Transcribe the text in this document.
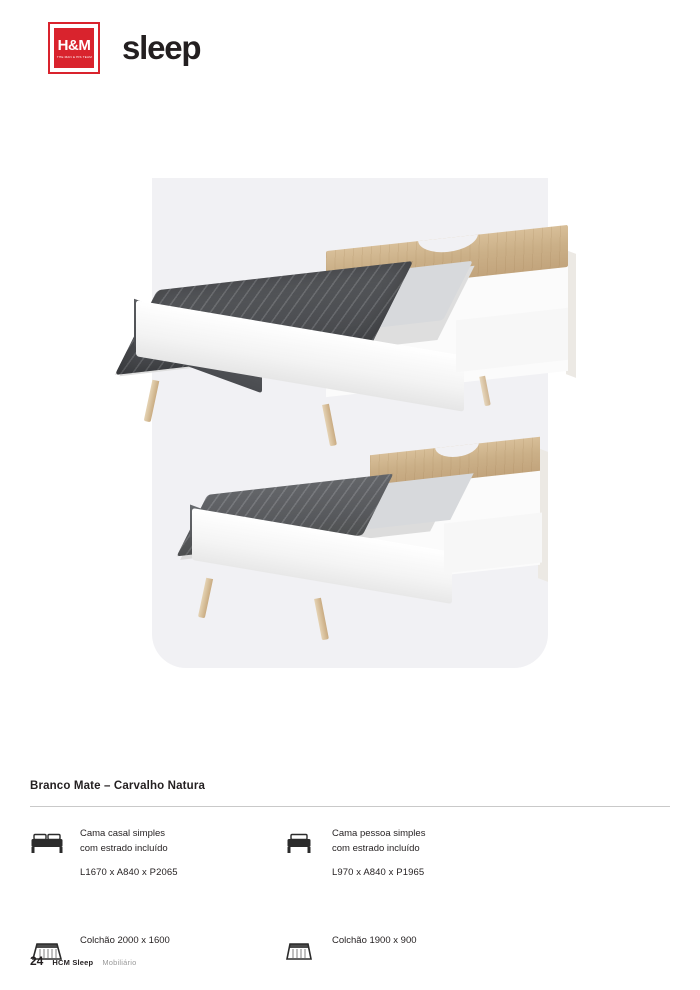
H&M
THE MAN & HIS TEAM sleep
Branco Mate – Carvalho Natura
Cama casal simples
com estrado incluído
L1670 x A840 x P2065
Cama pessoa simples
com estrado incluído
L970 x A840 x P1965
Colchão 2000 x 1600	Colchão 1900 x 900
24 HCM Sleep Mobiliário
